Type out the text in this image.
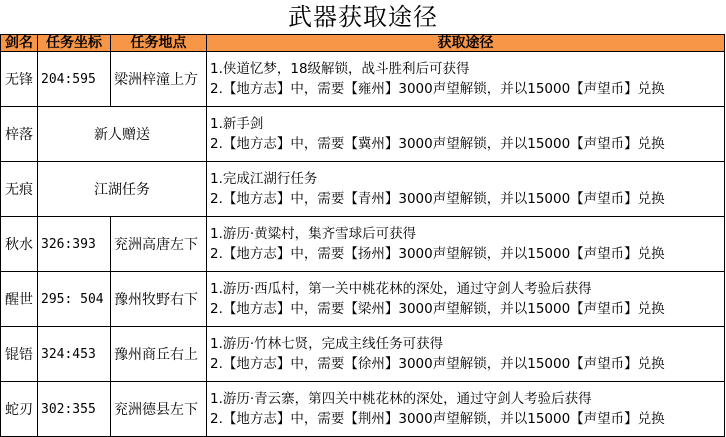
武器获取途径
剑名	任务坐标	任务地点	获取途径
无锋	204:595	梁洲梓潼上方	1.侠道忆梦，18级解锁，战斗胜利后可获得
2.【地方志】中，需要【雍州】3000声望解锁，并以15000【声望币】兑换

梓落	新人赠送		1.新手剑
2.【地方志】中，需要【冀州】3000声望解锁，并以15000【声望币】兑换

无痕	江湖任务		1.完成江湖行任务
2.【地方志】中，需要【青州】3000声望解锁，并以15000【声望币】兑换

秋水	326:393	兖洲高唐左下	1.游历·黄粱村，集齐雪球后可获得
2.【地方志】中，需要【扬州】3000声望解锁，并以15000【声望币】兑换

醒世	295: 504	豫州牧野右下	1.游历·西瓜村，第一关中桃花林的深处，通过守剑人考验后获得
2.【地方志】中，需要【梁州】3000声望解锁，并以15000【声望币】兑换

锟铻	324:453	豫州商丘右上	1.游历·竹林七贤，完成主线任务可获得
2.【地方志】中，需要【徐州】3000声望解锁，并以15000【声望币】兑换

蛇刃	302:355	兖洲德县左下	1.游历·青云寨，第四关中桃花林的深处，通过守剑人考验后获得
2.【地方志】中，需要【荆州】3000声望解锁，并以15000【声望币】兑换
